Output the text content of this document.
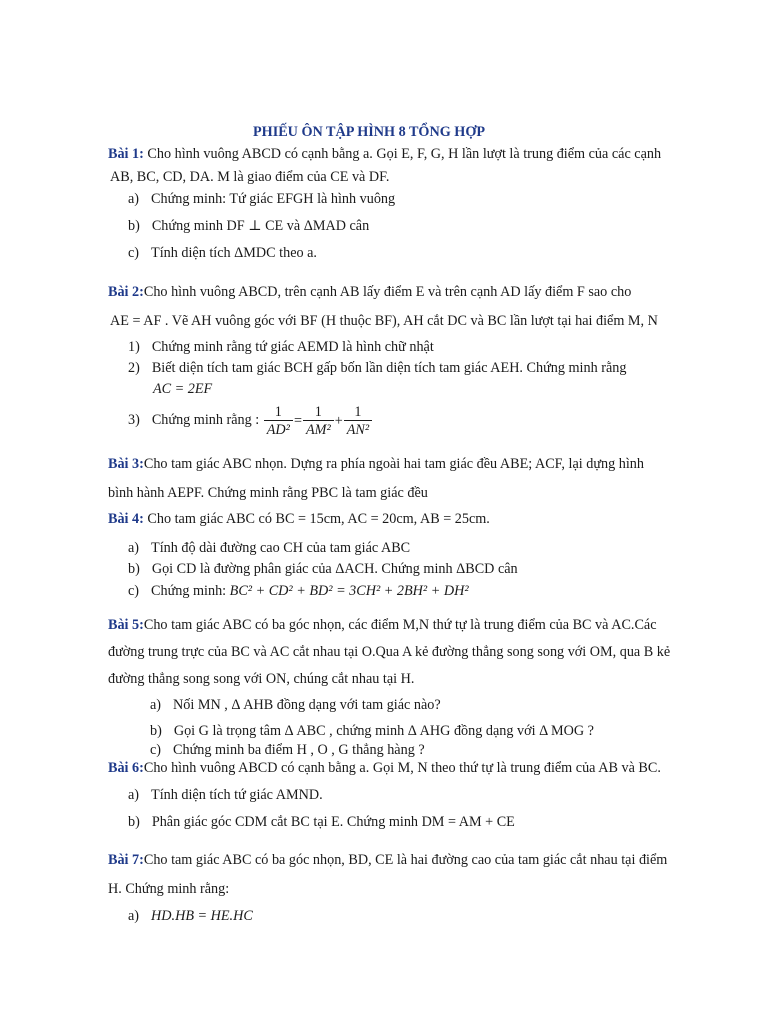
PHIẾU ÔN TẬP HÌNH 8 TỔNG HỢP
Bài 1: Cho hình vuông ABCD có cạnh bằng a. Gọi E, F, G, H lần lượt là trung điểm của các cạnh
AB, BC, CD, DA. M là giao điểm của CE và DF.
a) Chứng minh: Tứ giác EFGH là hình vuông
b) Chứng minh DF ⊥ CE và ΔMAD cân
c) Tính diện tích ΔMDC theo a.
Bài 2:Cho hình vuông ABCD, trên cạnh AB lấy điểm E và trên cạnh AD lấy điểm F sao cho
AE = AF . Vẽ AH vuông góc với BF (H thuộc BF), AH cắt DC và BC lần lượt tại hai điểm M, N
1) Chứng minh rằng tứ giác AEMD là hình chữ nhật
2) Biết diện tích tam giác BCH gấp bốn lần diện tích tam giác AEH. Chứng minh rằng
AC = 2EF
3) Chứng minh rằng : $\frac{1}{\text{AD²}} = \frac{1}{\text{AM²}} + \frac{1}{\text{AN²}}$
Bài 3:Cho tam giác ABC nhọn. Dựng ra phía ngoài hai tam giác đều ABE; ACF, lại dựng hình
bình hành AEPF. Chứng minh rằng PBC là tam giác đều
Bài 4: Cho tam giác ABC có BC = 15cm, AC = 20cm, AB = 25cm.
a) Tính độ dài đường cao CH của tam giác ABC
b) Gọi CD là đường phân giác của ΔACH. Chứng minh ΔBCD cân
c) Chứng minh: BC² + CD² + BD² = 3CH² + 2BH² + DH²
Bài 5:Cho tam giác ABC có ba góc nhọn, các điểm M,N thứ tự là trung điểm của BC và AC.Các
đường trung trực của BC và AC cắt nhau tại O.Qua A kẻ đường thẳng song song với OM, qua B kẻ
đường thẳng song song với ON, chúng cắt nhau tại H.
a) Nối MN , Δ AHB đồng dạng với tam giác nào?
b) Gọi G là trọng tâm Δ ABC , chứng minh Δ AHG đồng dạng với Δ MOG ?
c) Chứng minh ba điểm H , O , G thẳng hàng ?
Bài 6:Cho hình vuông ABCD có cạnh bằng a. Gọi M, N theo thứ tự là trung điểm của AB và BC.
a) Tính diện tích tứ giác AMND.
b) Phân giác góc CDM cắt BC tại E. Chứng minh DM = AM + CE
Bài 7:Cho tam giác ABC có ba góc nhọn, BD, CE là hai đường cao của tam giác cắt nhau tại điểm
H. Chứng minh rằng:
a) HD.HB = HE.HC
